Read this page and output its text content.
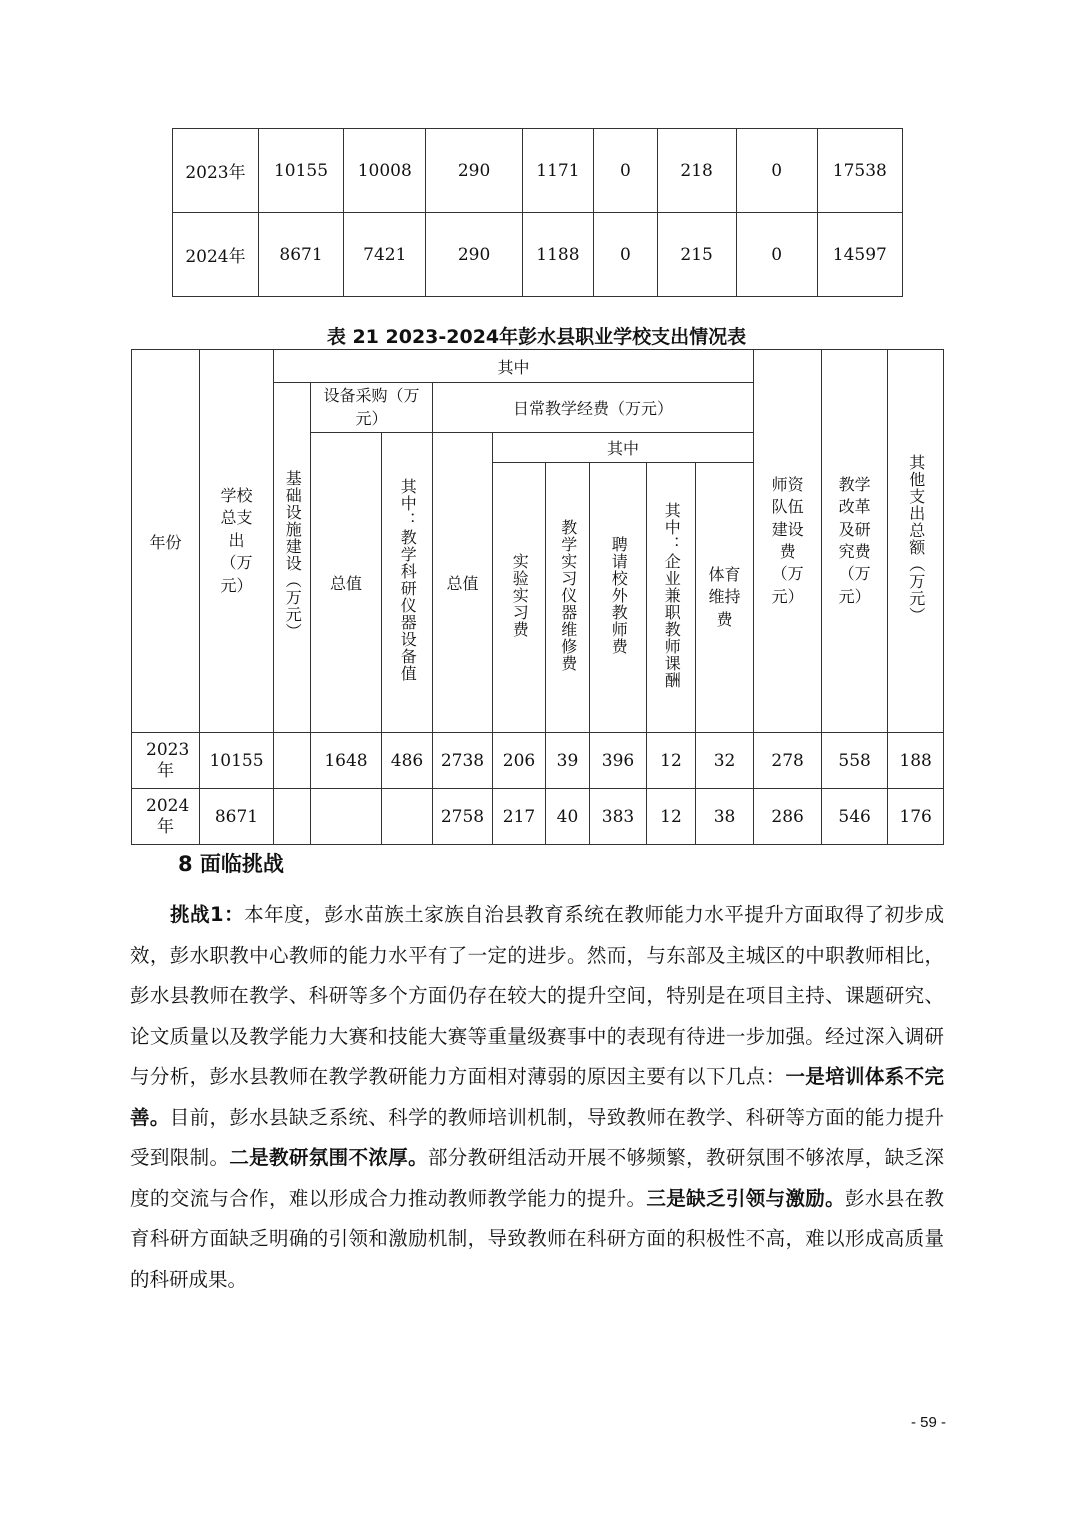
2023年	10155	10008	290	1171	0	218	0	17538
2024年	8671	7421	290	1188	0	215	0	14597
表 21 2023-2024年彭水县职业学校支出情况表
年份	学校总支出（万元）	其中									师资队伍建设费（万元）	教学改革及研究费（万元）	其他支出总额（万元）
		基础设施建设（万元）	设备采购（万元）		日常教学经费（万元）								
			总值	其中：教学科研仪器设备值	总值	其中							
						实验实习费	教学实习仪器维修费	聘请校外教师费	其中：企业兼职教师课酬	体育维持费			

2023年	10155		1648	486	2738	206	39	396	12	32	278	558	188
2024年	8671				2758	217	40	383	12	38	286	546	176
8 面临挑战
挑战1：本年度，彭水苗族土家族自治县教育系统在教师能力水平提升方面取得了初步成效，彭水职教中心教师的能力水平有了一定的进步。然而，与东部及主城区的中职教师相比，彭水县教师在教学、科研等多个方面仍存在较大的提升空间，特别是在项目主持、课题研究、论文质量以及教学能力大赛和技能大赛等重量级赛事中的表现有待进一步加强。经过深入调研与分析，彭水县教师在教学教研能力方面相对薄弱的原因主要有以下几点：一是培训体系不完善。目前，彭水县缺乏系统、科学的教师培训机制，导致教师在教学、科研等方面的能力提升受到限制。二是教研氛围不浓厚。部分教研组活动开展不够频繁，教研氛围不够浓厚，缺乏深度的交流与合作，难以形成合力推动教师教学能力的提升。三是缺乏引领与激励。彭水县在教育科研方面缺乏明确的引领和激励机制，导致教师在科研方面的积极性不高，难以形成高质量的科研成果。
- 59 -
